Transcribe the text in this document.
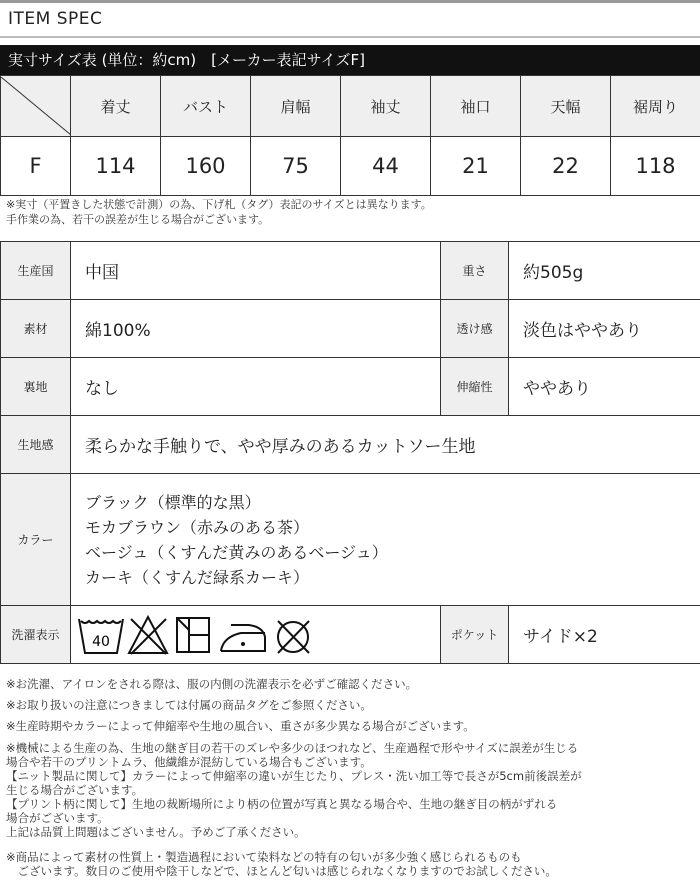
ITEM SPEC
実寸サイズ表 (単位：約cm)　[メーカー表記サイズF]
	着丈	バスト	肩幅	袖丈	袖口	天幅	裾周り
F	114	160	75	44	21	22	118
※実寸（平置きした状態で計測）の為、下げ札（タグ）表記のサイズとは異なります。
手作業の為、若干の誤差が生じる場合がございます。
生産国	中国	重さ	約505g
素材	綿100%	透け感	淡色はややあり
裏地	なし	伸縮性	ややあり
生地感	柔らかな手触りで、やや厚みのあるカットソー生地		
カラー	ブラック（標準的な黒）
モカブラウン（赤みのある茶）
ベージュ（くすんだ黄みのあるベージュ）
カーキ（くすんだ緑系カーキ）		

洗濯表示	40	ポケット	サイド×2
※お洗濯、アイロンをされる際は、服の内側の洗濯表示を必ずご確認ください。
※お取り扱いの注意につきましては付属の商品タグをご参照ください。
※生産時期やカラーによって伸縮率や生地の風合い、重さが多少異なる場合がございます。
※機械による生産の為、生地の継ぎ目の若干のズレや多少のほつれなど、生産過程で形やサイズに誤差が生じる
場合や若干のプリントムラ、他繊維が混紡している場合もございます。
【ニット製品に関して】カラーによって伸縮率の違いが生じたり、プレス・洗い加工等で長さが5cm前後誤差が
生じる場合がございます。
【プリント柄に関して】生地の裁断場所により柄の位置が写真と異なる場合や、生地の継ぎ目の柄がずれる
場合がございます。
上記は品質上問題はございません。予めご了承ください。
※商品によって素材の性質上・製造過程において染料などの特有の匂いが多少強く感じられるものも
　ございます。数日のご使用や陰干しなどで、ほとんど匂いは感じられなくなりますのでお試しください。
